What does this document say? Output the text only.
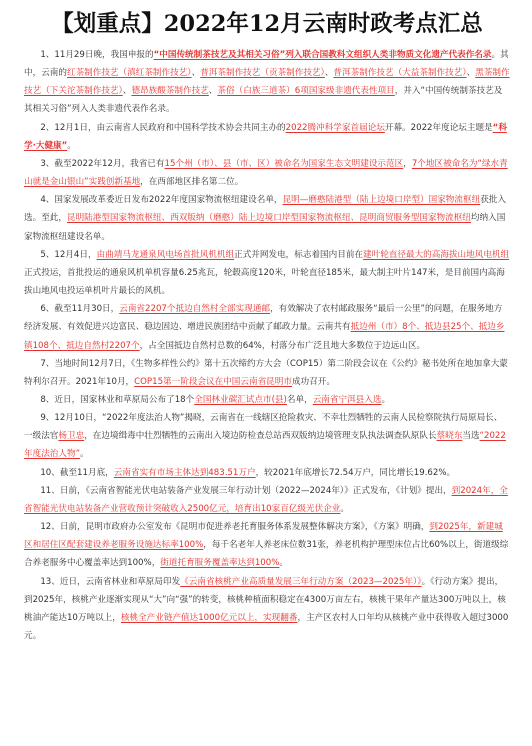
【划重点】2022年12月云南时政考点汇总

1、11月29日晚，我国申报的“中国传统制茶技艺及其相关习俗”列入联合国教科文组织人类非物质文化遗产代表作名录。其中，云南的红茶制作技艺（滇红茶制作技艺）、普洱茶制作技艺（贡茶制作技艺）、普洱茶制作技艺（大益茶制作技艺）、黑茶制作技艺（下关沱茶制作技艺）、德昂族酸茶制作技艺、茶俗（白族三道茶）6项国家级非遗代表性项目，并入“中国传统制茶技艺及其相关习俗”列入人类非遗代表作名录。

2、12月1日，由云南省人民政府和中国科学技术协会共同主办的2022腾冲科学家首届论坛开幕。2022年度论坛主题是“科学·大健康”。

3、截至2022年12月，我省已有15个州（市）、县（市、区）被命名为国家生态文明建设示范区，7个地区被命名为“绿水青山就是金山银山”实践创新基地，在西部地区排名第二位。

4、国家发展改革委近日发布2022年度国家物流枢纽建设名单，昆明—磨憨陆港型（陆上边境口岸型）国家物流枢纽获批入选。至此，昆明陆港型国家物流枢纽、西双版纳（磨憨）陆上边境口岸型国家物流枢纽、昆明商贸服务型国家物流枢纽均纳入国家物流枢纽建设名单。

5、12月4日，由曲靖马龙通泉风电场首批风机机组正式并网发电，标志着国内目前在建叶轮直径最大的高海拔山地风电机组正式投运，首批投运的通泉风机单机容量6.25兆瓦，轮毂高度120米，叶轮直径185米，最大制主叶片147米，是目前国内高海拔山地风电投运单机叶片最长的风机。

6、截至11月30日，云南省2207个抵边自然村全部实现通邮，有效解决了农村邮政服务“最后一公里”的问题，在服务地方经济发展、有效促进兴边富民、稳边固边、增进民族团结中贡献了邮政力量。云南共有抵边州（市）8个、抵边县25个、抵边乡镇108个、抵边自然村2207个，占全国抵边自然村总数的64%，村落分布广泛且地大多数位于边远山区。

7、当地时间12月7日，《生物多样性公约》第十五次缔约方大会（COP15）第二阶段会议在《公约》秘书处所在地加拿大蒙特利尔召开。2021年10月，COP15第一阶段会议在中国云南省昆明市成功召开。

8、近日，国家林业和草原局公布了18个全国林业碳汇试点市(县)名单，云南省宁洱县入选。

9、12月10日，“2022年度法治人物”揭晓，云南省在一线辖区抢险救灾、不幸壮烈牺牲的云南人民检察院执行局原局长、一级法官杨卫忠，在边境缉毒中壮烈牺牲的云南出入境边防检查总站西双版纳边境管理支队执法调查队原队长蔡晓东当选“2022年度法治人物”。

10、截至11月底，云南省实有市场主体达到483.51万户，较2021年底增长72.54万户，同比增长19.62%。

11、日前，《云南省智能光伏电站装备产业发展三年行动计划（2022—2024年）》正式发布，《计划》提出，到2024年，全省智能光伏电站装备产业营收预计突破收入2500亿元，培育出10家百亿级光伏企业。

12、日前，昆明市政府办公室发布《昆明市促进养老托育服务体系发展整体解决方案》，《方案》明确，到2025年，新建城区和居住区配套建设养老服务设施达标率100%，每千名老年人养老床位数31张，养老机构护理型床位占比60%以上，街道级综合养老服务中心覆盖率达到100%，街道托育服务覆盖率达到100%。

13、近日，云南省林业和草原局印发《云南省核桃产业高质量发展三年行动方案（2023—2025年）》。《行动方案》提出，到2025年，核桃产业逐渐实现从“大”向“强”的转变，核桃种植面积稳定在4300万亩左右，核桃干果年产量达300万吨以上，核桃油产能达10万吨以上，核桃全产业链产值达1000亿元以上，实现翻番，主产区农村人口年均从核桃产业中获得收入超过3000元。
